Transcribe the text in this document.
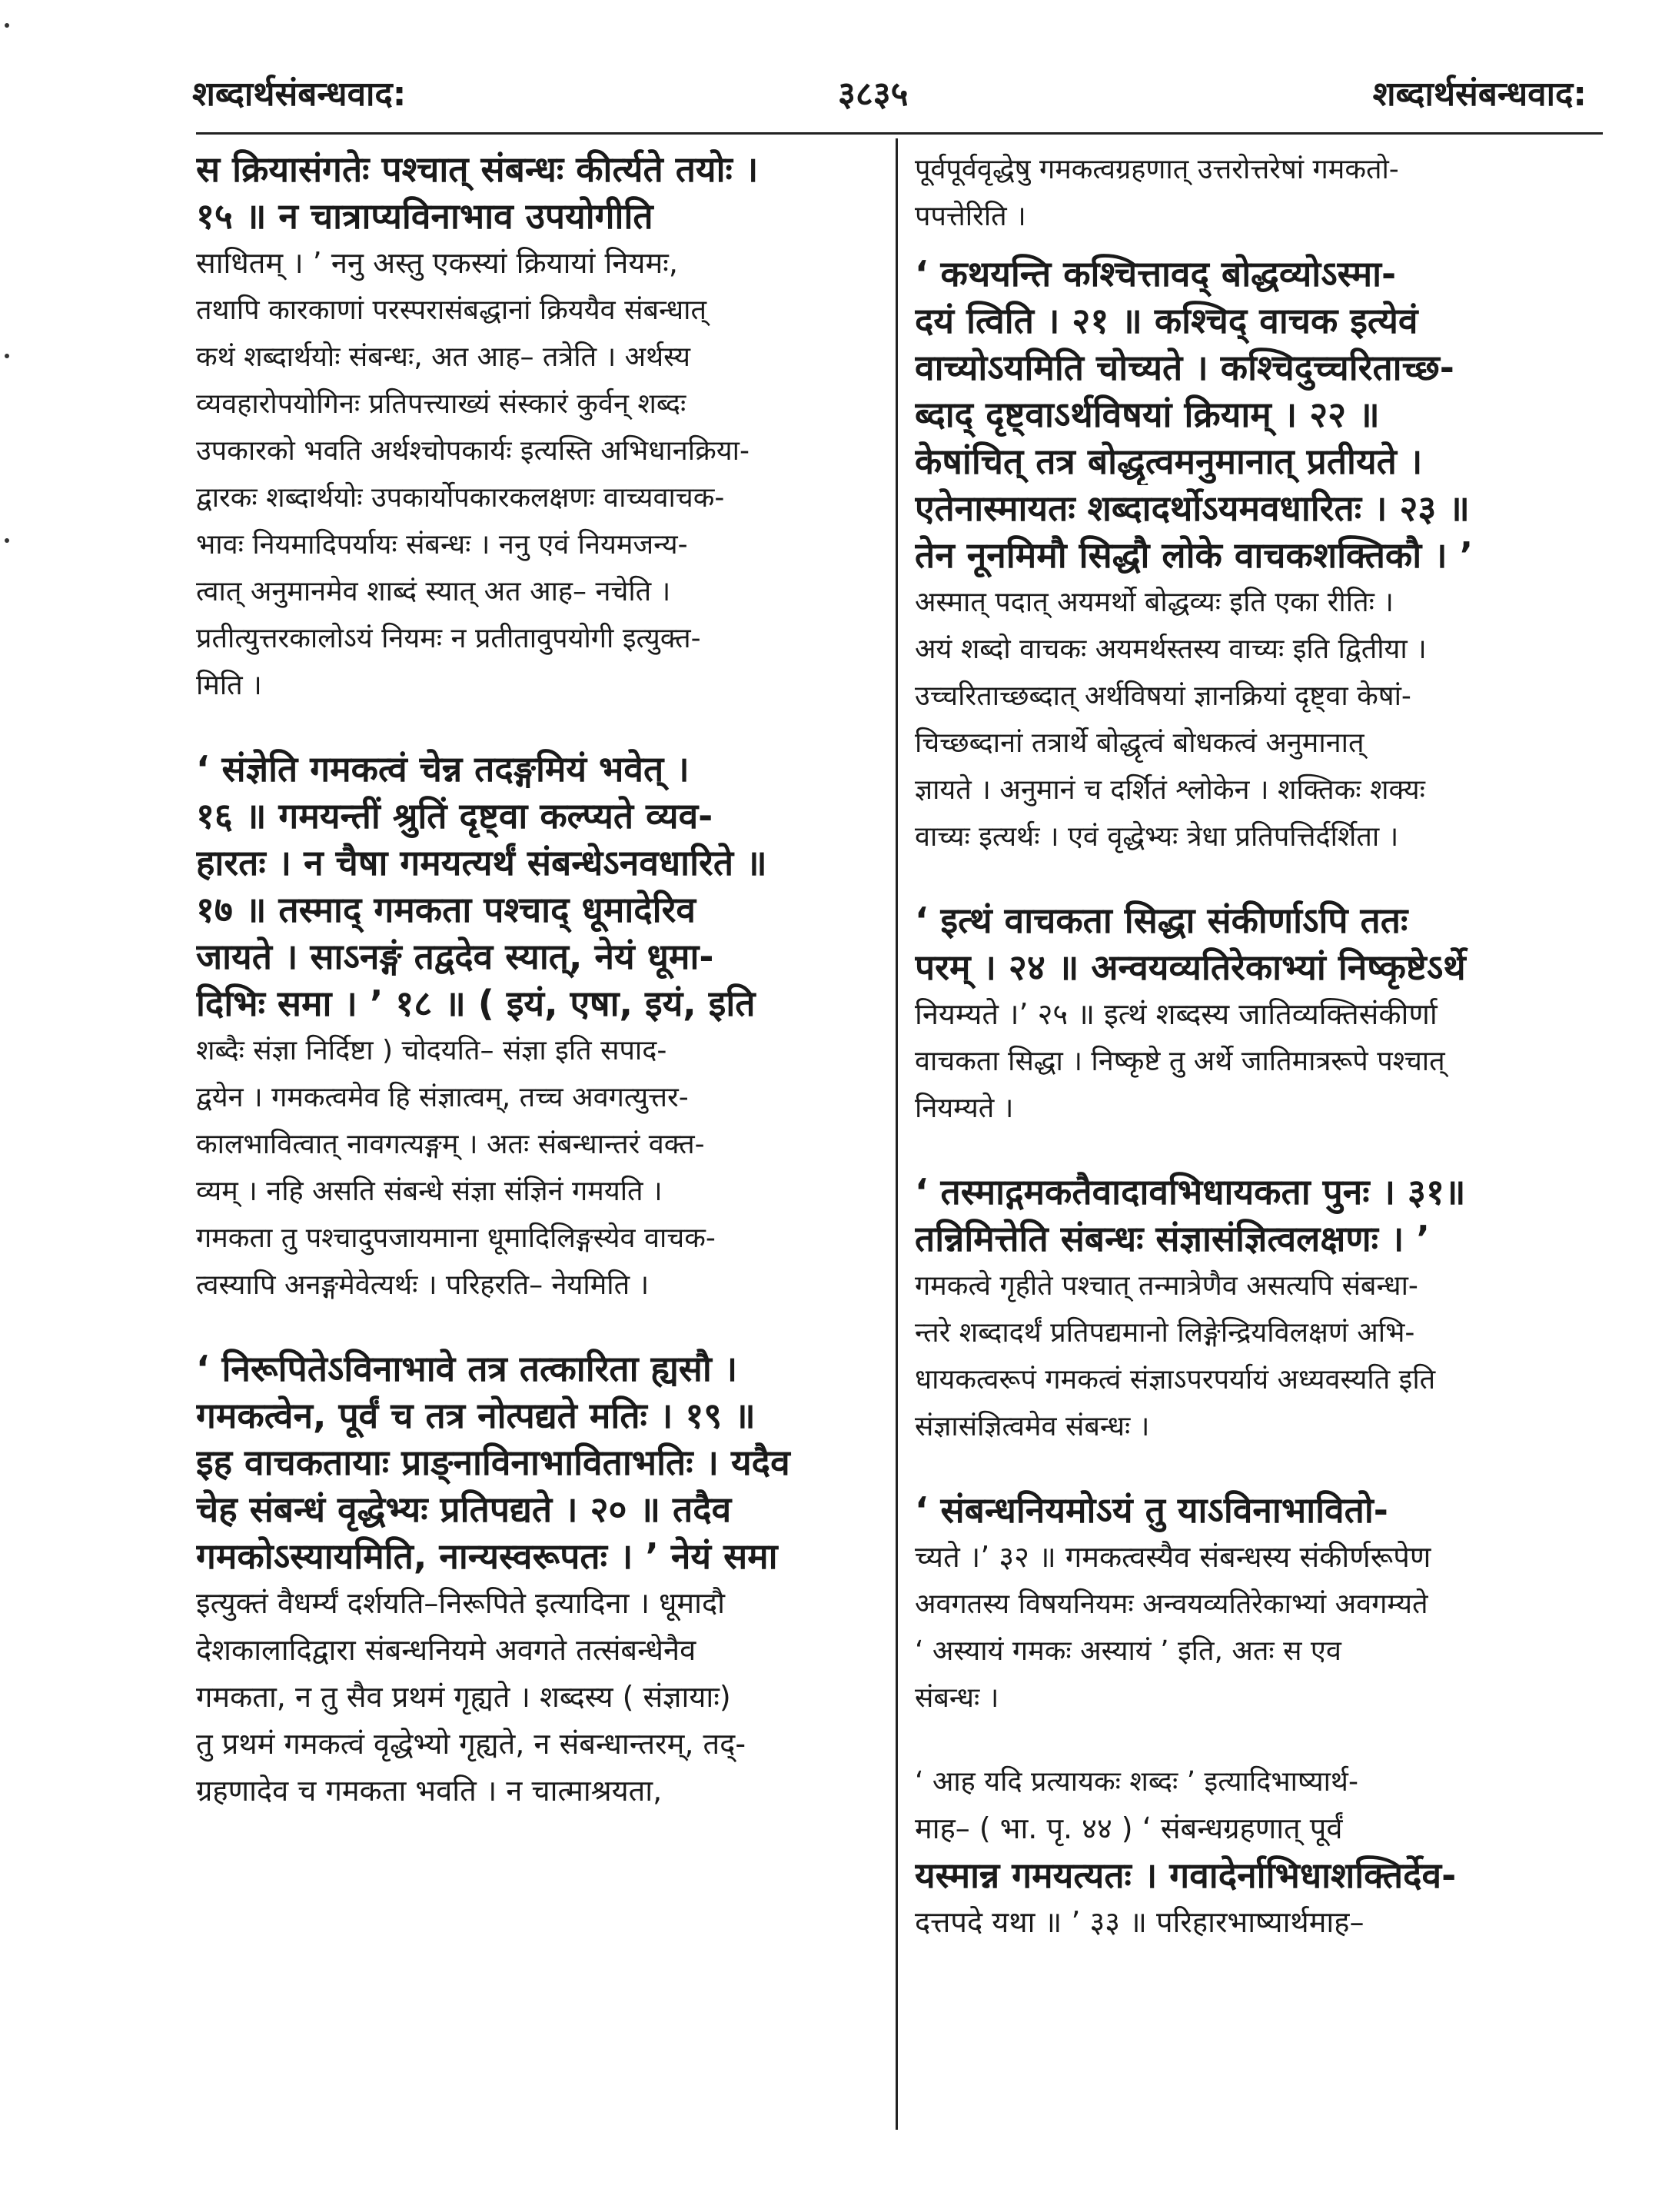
शब्दार्थसंबन्धवाद:	३८३५	शब्दार्थसंबन्धवाद:
स क्रियासंगतेः पश्चात् संबन्धः कीर्त्यते तयोः ।
१५ ॥ न चात्राप्यविनाभाव उपयोगीति
साधितम् । ’ ननु अस्तु एकस्यां क्रियायां नियमः,
तथापि कारकाणां परस्परासंबद्धानां क्रिययैव संबन्धात्
कथं शब्दार्थयोः संबन्धः, अत आह– तत्रेति । अर्थस्य
व्यवहारोपयोगिनः प्रतिपत्त्याख्यं संस्कारं कुर्वन् शब्दः
उपकारको भवति अर्थश्चोपकार्यः इत्यस्ति अभिधानक्रिया-
द्वारकः शब्दार्थयोः उपकार्योपकारकलक्षणः वाच्यवाचक-
भावः नियमादिपर्यायः संबन्धः । ननु एवं नियमजन्य-
त्वात् अनुमानमेव शाब्दं स्यात् अत आह– नचेति ।
प्रतीत्युत्तरकालोऽयं नियमः न प्रतीतावुपयोगी इत्युक्त-
मिति ।
‘ संज्ञेति गमकत्वं चेन्न तदङ्गमियं भवेत् ।
१६ ॥ गमयन्तीं श्रुतिं दृष्ट्वा कल्प्यते व्यव-
हारतः । न चैषा गमयत्यर्थं संबन्धेऽनवधारिते ॥
१७ ॥ तस्माद् गमकता पश्चाद् धूमादेरिव
जायते । साऽनङ्गं तद्वदेव स्यात्, नेयं धूमा-
दिभिः समा । ’ १८ ॥ ( इयं, एषा, इयं, इति
शब्दैः संज्ञा निर्दिष्टा ) चोदयति– संज्ञा इति सपाद-
द्वयेन । गमकत्वमेव हि संज्ञात्वम्, तच्च अवगत्युत्तर-
कालभावित्वात् नावगत्यङ्गम् । अतः संबन्धान्तरं वक्त-
व्यम् । नहि असति संबन्धे संज्ञा संज्ञिनं गमयति ।
गमकता तु पश्चादुपजायमाना धूमादिलिङ्गस्येव वाचक-
त्वस्यापि अनङ्गमेवेत्यर्थः । परिहरति– नेयमिति ।
‘ निरूपितेऽविनाभावे तत्र तत्कारिता ह्यसौ ।
गमकत्वेन, पूर्वं च तत्र नोत्पद्यते मतिः । १९ ॥
इह वाचकतायाः प्राङ्नाविनाभाविताभतिः । यदैव
चेह संबन्धं वृद्धेभ्यः प्रतिपद्यते । २० ॥ तदैव
गमकोऽस्यायमिति, नान्यस्वरूपतः । ’ नेयं समा
इत्युक्तं वैधर्म्यं दर्शयति–निरूपिते इत्यादिना । धूमादौ
देशकालादिद्वारा संबन्धनियमे अवगते तत्संबन्धेनैव
गमकता, न तु सैव प्रथमं गृह्यते । शब्दस्य ( संज्ञायाः)
तु प्रथमं गमकत्वं वृद्धेभ्यो गृह्यते, न संबन्धान्तरम्, तद्-
ग्रहणादेव च गमकता भवति । न चात्माश्रयता,
पूर्वपूर्ववृद्धेषु गमकत्वग्रहणात् उत्तरोत्तरेषां गमकतो-
पपत्तेरिति ।
‘ कथयन्ति कश्चित्तावद् बोद्धव्योऽस्मा-
दयं त्विति । २१ ॥ कश्चिद् वाचक इत्येवं
वाच्योऽयमिति चोच्यते । कश्चिदुच्चरिताच्छ-
ब्दाद् दृष्ट्वाऽर्थविषयां क्रियाम् । २२ ॥
केषांचित् तत्र बोद्धृत्वमनुमानात् प्रतीयते ।
एतेनास्मायतः शब्दादर्थोऽयमवधारितः । २३ ॥
तेन नूनमिमौ सिद्धौ लोके वाचकशक्तिकौ । ’
अस्मात् पदात् अयमर्थो बोद्धव्यः इति एका रीतिः ।
अयं शब्दो वाचकः अयमर्थस्तस्य वाच्यः इति द्वितीया ।
उच्चरिताच्छब्दात् अर्थविषयां ज्ञानक्रियां दृष्ट्वा केषां-
चिच्छब्दानां तत्रार्थे बोद्धृत्वं बोधकत्वं अनुमानात्
ज्ञायते । अनुमानं च दर्शितं श्लोकेन । शक्तिकः शक्यः
वाच्यः इत्यर्थः । एवं वृद्धेभ्यः त्रेधा प्रतिपत्तिर्दर्शिता ।
‘ इत्थं वाचकता सिद्धा संकीर्णाऽपि ततः
परम् । २४ ॥ अन्वयव्यतिरेकाभ्यां निष्कृष्टेऽर्थे
नियम्यते ।’ २५ ॥ इत्थं शब्दस्य जातिव्यक्तिसंकीर्णा
वाचकता सिद्धा । निष्कृष्टे तु अर्थे जातिमात्ररूपे पश्चात्
नियम्यते ।
‘ तस्माद्गमकतैवादावभिधायकता पुनः । ३१॥
तन्निमित्तेति संबन्धः संज्ञासंज्ञित्वलक्षणः । ’
गमकत्वे गृहीते पश्चात् तन्मात्रेणैव असत्यपि संबन्धा-
न्तरे शब्दादर्थं प्रतिपद्यमानो लिङ्गेन्द्रियविलक्षणं अभि-
धायकत्वरूपं गमकत्वं संज्ञाऽपरपर्यायं अध्यवस्यति इति
संज्ञासंज्ञित्वमेव संबन्धः ।
‘ संबन्धनियमोऽयं तु याऽविनाभावितो-
च्यते ।’ ३२ ॥ गमकत्वस्यैव संबन्धस्य संकीर्णरूपेण
अवगतस्य विषयनियमः अन्वयव्यतिरेकाभ्यां अवगम्यते
‘ अस्यायं गमकः अस्यायं ’ इति, अतः स एव
संबन्धः ।
‘ आह यदि प्रत्यायकः शब्दः ’ इत्यादिभाष्यार्थ-
माह– ( भा. पृ. ४४ ) ‘ संबन्धग्रहणात् पूर्वं
यस्मान्न गमयत्यतः । गवादेर्नाभिधाशक्तिर्देव-
दत्तपदे यथा ॥ ’ ३३ ॥ परिहारभाष्यार्थमाह–
